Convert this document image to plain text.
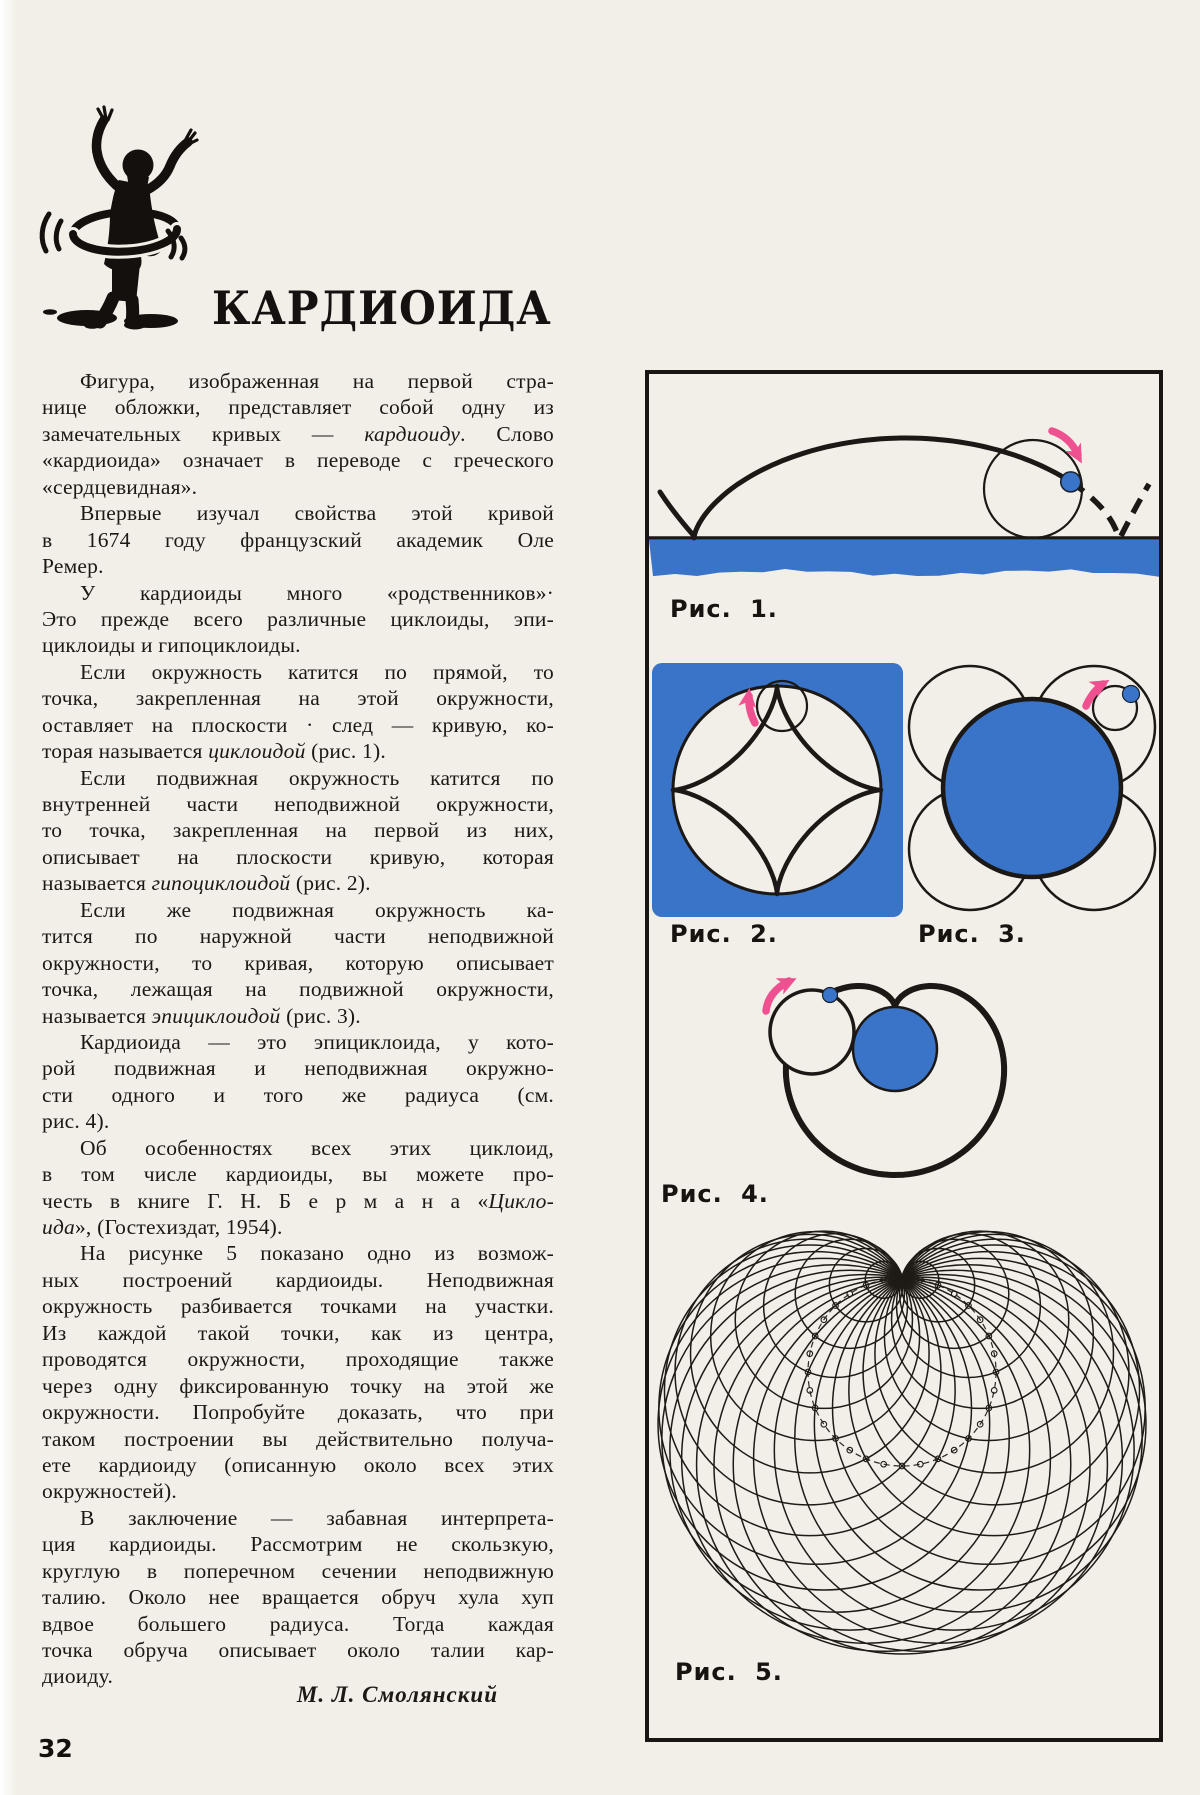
КАРДИОИДА
Фигура, изображенная на первой стра-
нице обложки, представляет собой одну из
замечательных кривых — кардиоиду. Слово
«кардиоида» означает в переводе с греческого
«сердцевидная».
Впервые изучал свойства этой кривой
в 1674 году французский академик Оле
Ремер.
У кардиоиды много «родственников»·
Это прежде всего различные циклоиды, эпи-
циклоиды и гипоциклоиды.
Если окружность катится по прямой, то
точка, закрепленная на этой окружности,
оставляет на плоскости · след — кривую, ко-
торая называется циклоидой (рис. 1).
Если подвижная окружность катится по
внутренней части неподвижной окружности,
то точка, закрепленная на первой из них,
описывает на плоскости кривую, которая
называется гипоциклоидой (рис. 2).
Если же подвижная окружность ка-
тится по наружной части неподвижной
окружности, то кривая, которую описывает
точка, лежащая на подвижной окружности,
называется эпициклоидой (рис. 3).
Кардиоида — это эпициклоида, у кото-
рой подвижная и неподвижная окружно-
сти одного и того же радиуса (см.
рис. 4).
Об особенностях всех этих циклоид,
в том числе кардиоиды, вы можете про-
честь в книге Г. Н. Б е р м а н а «Цикло-
ида», (Гостехиздат, 1954).
На рисунке 5 показано одно из возмож-
ных построений кардиоиды. Неподвижная
окружность разбивается точками на участки.
Из каждой такой точки, как из центра,
проводятся окружности, проходящие также
через одну фиксированную точку на этой же
окружности. Попробуйте доказать, что при
таком построении вы действительно получа-
ете кардиоиду (описанную около всех этих
окружностей).
В заключение — забавная интерпрета-
ция кардиоиды. Рассмотрим не скользкую,
круглую в поперечном сечении неподвижную
талию. Около нее вращается обруч хула хуп
вдвое большего радиуса. Тогда каждая
точка обруча описывает около талии кар-
диоиду.
М. Л. Смолянский
32
Рис. 1.
Рис. 2.	Рис. 3.
Рис. 4.
Рис. 5.
